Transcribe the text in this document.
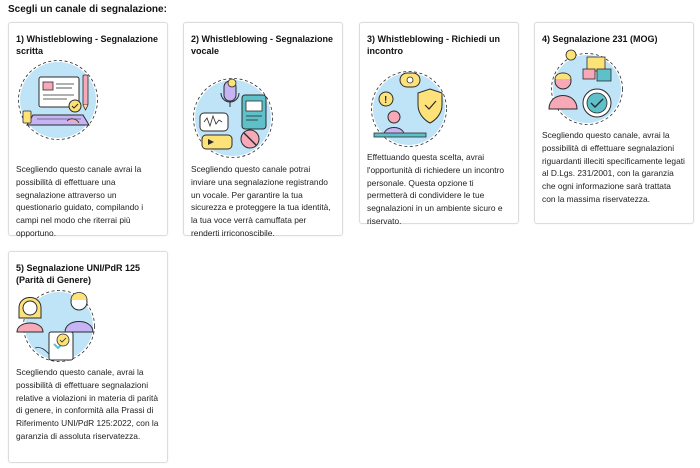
Scegli un canale di segnalazione:
1) Whistleblowing - Segnalazione scritta
Scegliendo questo canale avrai la possibilità di effettuare una segnalazione attraverso un questionario guidato, compilando i campi nel modo che riterrai più opportuno.
2) Whistleblowing - Segnalazione vocale
Scegliendo questo canale potrai inviare una segnalazione registrando un vocale. Per garantire la tua sicurezza e proteggere la tua identità, la tua voce verrà camuffata per renderti irriconoscibile.
3) Whistleblowing - Richiedi un incontro
!
Effettuando questa scelta, avrai l'opportunità di richiedere un incontro personale. Questa opzione ti permetterà di condividere le tue segnalazioni in un ambiente sicuro e riservato.
4) Segnalazione 231 (MOG)
Scegliendo questo canale, avrai la possibilità di effettuare segnalazioni riguardanti illeciti specificamente legati al D.Lgs. 231/2001, con la garanzia che ogni informazione sarà trattata con la massima riservatezza.
5) Segnalazione UNI/PdR 125 (Parità di Genere)
Scegliendo questo canale, avrai la possibilità di effettuare segnalazioni relative a violazioni in materia di parità di genere, in conformità alla Prassi di Riferimento UNI/PdR 125:2022, con la garanzia di assoluta riservatezza.
